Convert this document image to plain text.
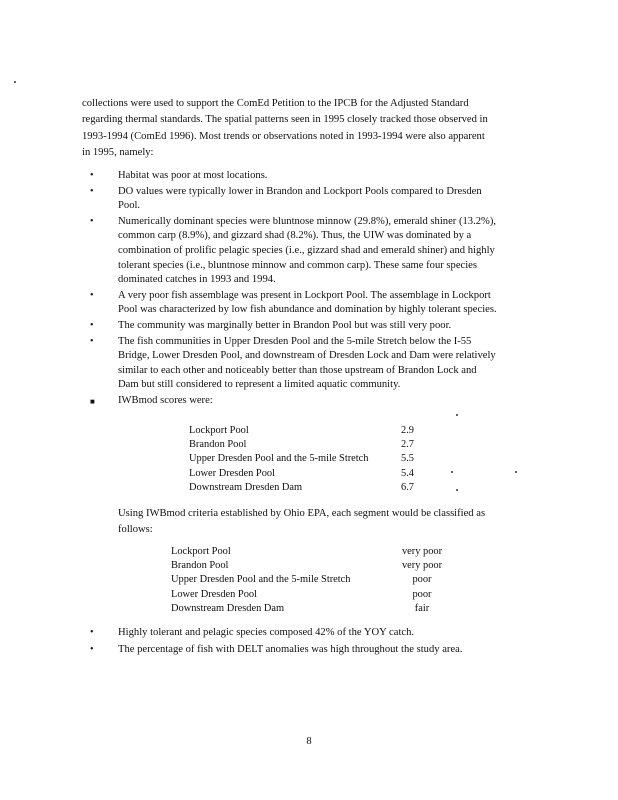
collections were used to support the ComEd Petition to the IPCB for the Adjusted Standard
regarding thermal standards. The spatial patterns seen in 1995 closely tracked those observed in
1993-1994 (ComEd 1996). Most trends or observations noted in 1993-1994 were also apparent
in 1995, namely:

• Habitat was poor at most locations.
• DO values were typically lower in Brandon and Lockport Pools compared to Dresden
Pool.
• Numerically dominant species were bluntnose minnow (29.8%), emerald shiner (13.2%),
common carp (8.9%), and gizzard shad (8.2%). Thus, the UIW was dominated by a
combination of prolific pelagic species (i.e., gizzard shad and emerald shiner) and highly
tolerant species (i.e., bluntnose minnow and common carp). These same four species
dominated catches in 1993 and 1994.
• A very poor fish assemblage was present in Lockport Pool. The assemblage in Lockport
Pool was characterized by low fish abundance and domination by highly tolerant species.
• The community was marginally better in Brandon Pool but was still very poor.
• The fish communities in Upper Dresden Pool and the 5-mile Stretch below the I-55
Bridge, Lower Dresden Pool, and downstream of Dresden Lock and Dam were relatively
similar to each other and noticeably better than those upstream of Brandon Lock and
Dam but still considered to represent a limited aquatic community.
■ IWBmod scores were:
Lockport Pool	2.9
Brandon Pool	2.7
Upper Dresden Pool and the 5-mile Stretch	5.5
Lower Dresden Pool	5.4
Downstream Dresden Dam	6.7

Using IWBmod criteria established by Ohio EPA, each segment would be classified as
follows:

Lockport Pool	very poor
Brandon Pool	very poor
Upper Dresden Pool and the 5-mile Stretch	poor
Lower Dresden Pool	poor
Downstream Dresden Dam	fair
• Highly tolerant and pelagic species composed 42% of the YOY catch.
• The percentage of fish with DELT anomalies was high throughout the study area.
8
